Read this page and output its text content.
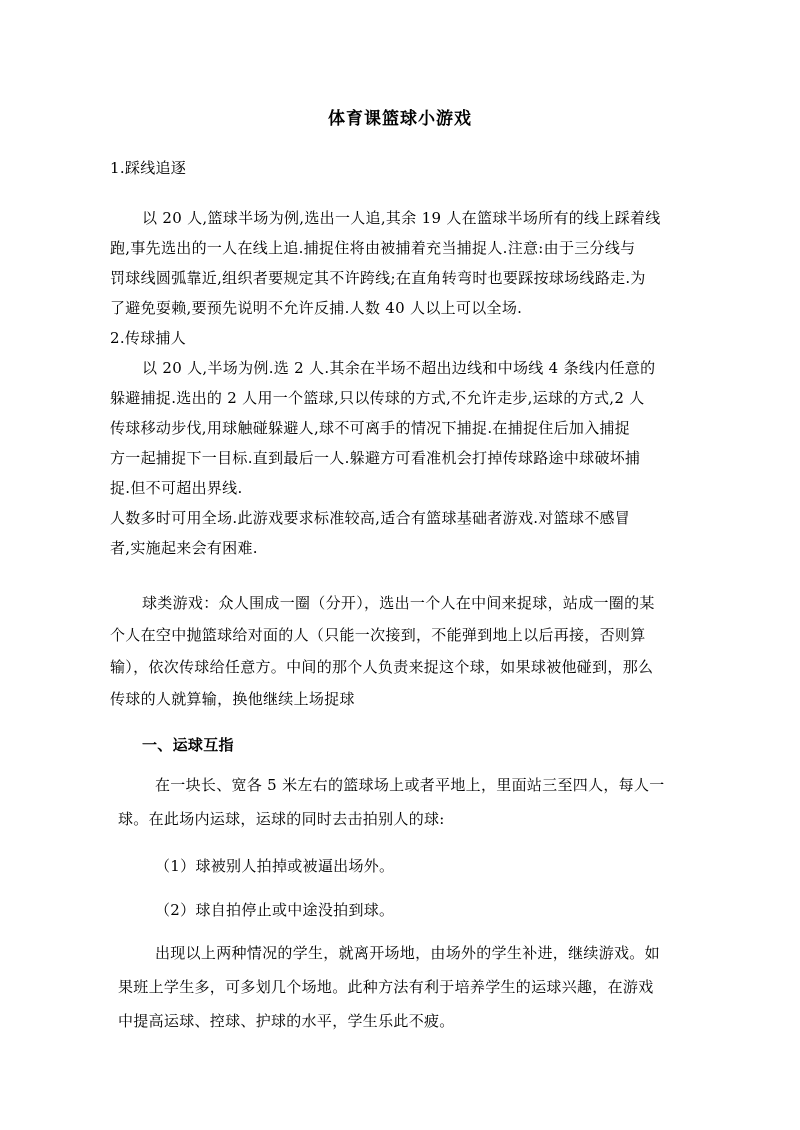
体育课篮球小游戏
1.踩线追逐
以 20 人,篮球半场为例,选出一人追,其余 19 人在篮球半场所有的线上踩着线
跑,事先选出的一人在线上追.捕捉住将由被捕着充当捕捉人.注意:由于三分线与
罚球线圆弧靠近,组织者要规定其不许跨线;在直角转弯时也要踩按球场线路走.为
了避免耍赖,要预先说明不允许反捕.人数 40 人以上可以全场.
2.传球捕人
以 20 人,半场为例.选 2 人.其余在半场不超出边线和中场线 4 条线内任意的
躲避捕捉.选出的 2 人用一个篮球,只以传球的方式,不允许走步,运球的方式,2 人
传球移动步伐,用球触碰躲避人,球不可离手的情况下捕捉.在捕捉住后加入捕捉
方一起捕捉下一目标.直到最后一人.躲避方可看准机会打掉传球路途中球破坏捕
捉.但不可超出界线.
人数多时可用全场.此游戏要求标准较高,适合有篮球基础者游戏.对篮球不感冒
者,实施起来会有困难.
球类游戏：众人围成一圈（分开），选出一个人在中间来捉球，站成一圈的某
个人在空中抛篮球给对面的人（只能一次接到，不能弹到地上以后再接，否则算
输），依次传球给任意方。中间的那个人负责来捉这个球，如果球被他碰到，那么
传球的人就算输，换他继续上场捉球
一、运球互指
在一块长、宽各 5 米左右的篮球场上或者平地上，里面站三至四人，每人一
球。在此场内运球，运球的同时去击拍别人的球:
（1）球被别人拍掉或被逼出场外。
（2）球自拍停止或中途没拍到球。
出现以上两种情况的学生，就离开场地，由场外的学生补进，继续游戏。如
果班上学生多，可多划几个场地。此种方法有利于培养学生的运球兴趣，在游戏
中提高运球、控球、护球的水平，学生乐此不疲。
